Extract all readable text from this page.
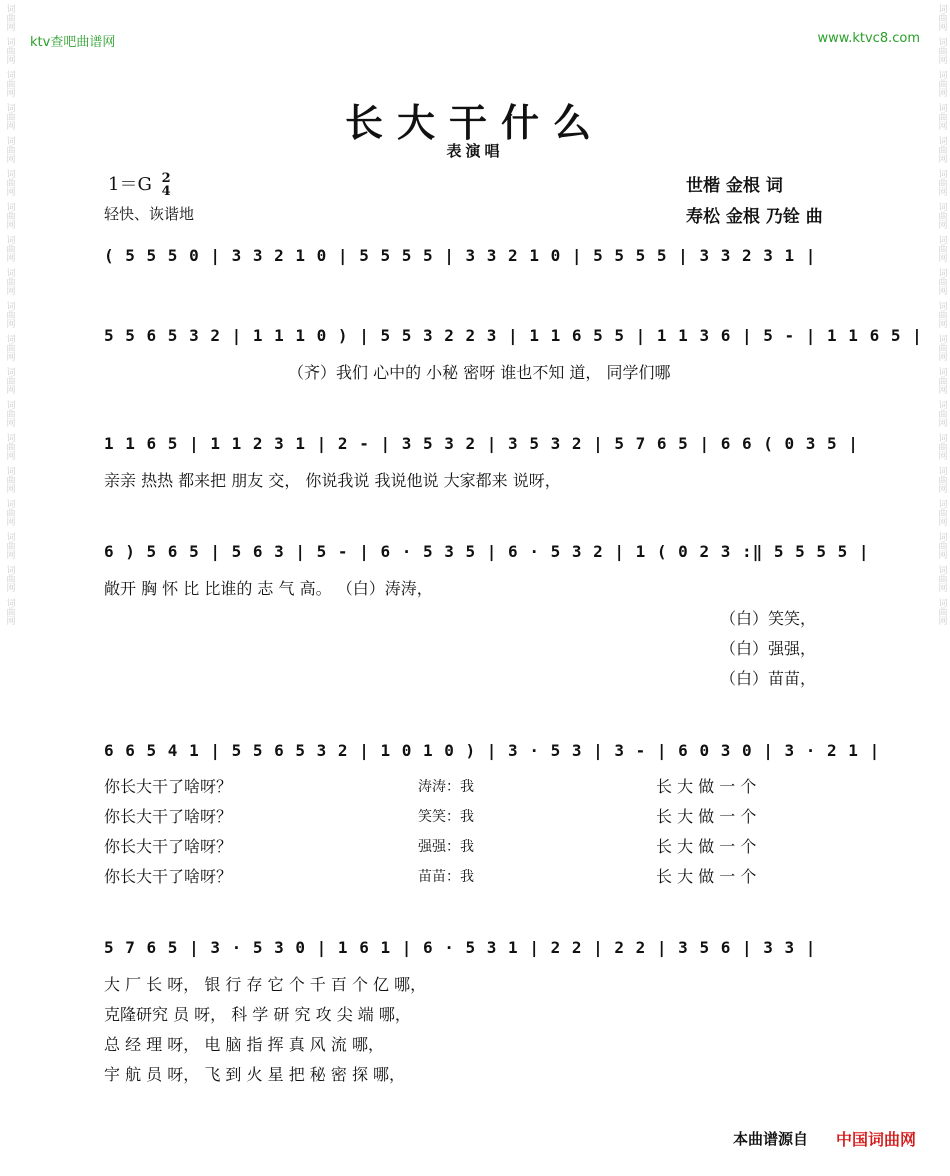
词曲网
词曲网
词曲网
词曲网
词曲网
词曲网
词曲网
词曲网
词曲网
词曲网
词曲网
词曲网
词曲网
词曲网
词曲网
词曲网
词曲网
词曲网
词曲网
词曲网
词曲网
词曲网
词曲网
词曲网
词曲网
词曲网
词曲网
词曲网
词曲网
词曲网
词曲网
词曲网
词曲网
词曲网
词曲网
词曲网
词曲网
词曲网
ktv查吧曲谱网	www.ktvc8.com
长大干什么
表演唱
1＝G 2
4
轻快、诙谐地
世楷 金根 词
寿松 金根 乃铨 曲
( 5 5 5 0 | 3 3 2 1 0 | 5 5 5 5 | 3 3 2 1 0 | 5 5 5 5 | 3 3 2 3 1 |
5 5 6 5 3 2 | 1 1 1 0 ) | 5 5 3 2 2 3 | 1 1 6 5 5 | 1 1 3 6 | 5 - | 1 1 6 5 |
（齐）我们 心中的 小秘 密呀 谁也不知 道， 同学们哪
1 1 6 5 | 1 1 2 3 1 | 2 - | 3 5 3 2 | 3 5 3 2 | 5 7 6 5 | 6 6 ( 0 3 5 |
亲亲 热热 都来把 朋友 交， 你说我说 我说他说 大家都来 说呀，
6 ) 5 6 5 | 5 6 3 | 5 - | 6 · 5 3 5 | 6 · 5 3 2 | 1 ( 0 2 3 :‖ 5 5 5 5 |
敞开 胸 怀 比 比谁的 志 气 高。 （白）涛涛，
（白）笑笑，
（白）强强，
（白）苗苗，
6 6 5 4 1 | 5 5 6 5 3 2 | 1 0 1 0 ) | 3 · 5 3 | 3 - | 6 0 3 0 | 3 · 2 1 |
你长大干了啥呀？	涛涛：我	长 大 做 一 个
你长大干了啥呀？	笑笑：我	长 大 做 一 个
你长大干了啥呀？	强强：我	长 大 做 一 个
你长大干了啥呀？	苗苗：我	长 大 做 一 个
5 7 6 5 | 3 · 5 3 0 | 1 6 1 | 6 · 5 3 1 | 2 2 | 2 2 | 3 5 6 | 3 3 |
大 厂 长 呀， 银 行 存 它 个 千 百 个 亿 哪，
克隆研究 员 呀， 科 学 研 究 攻 尖 端 哪，
总 经 理 呀， 电 脑 指 挥 真 风 流 哪，
宇 航 员 呀， 飞 到 火 星 把 秘 密 探 哪，
本曲谱源自 中国词曲网
